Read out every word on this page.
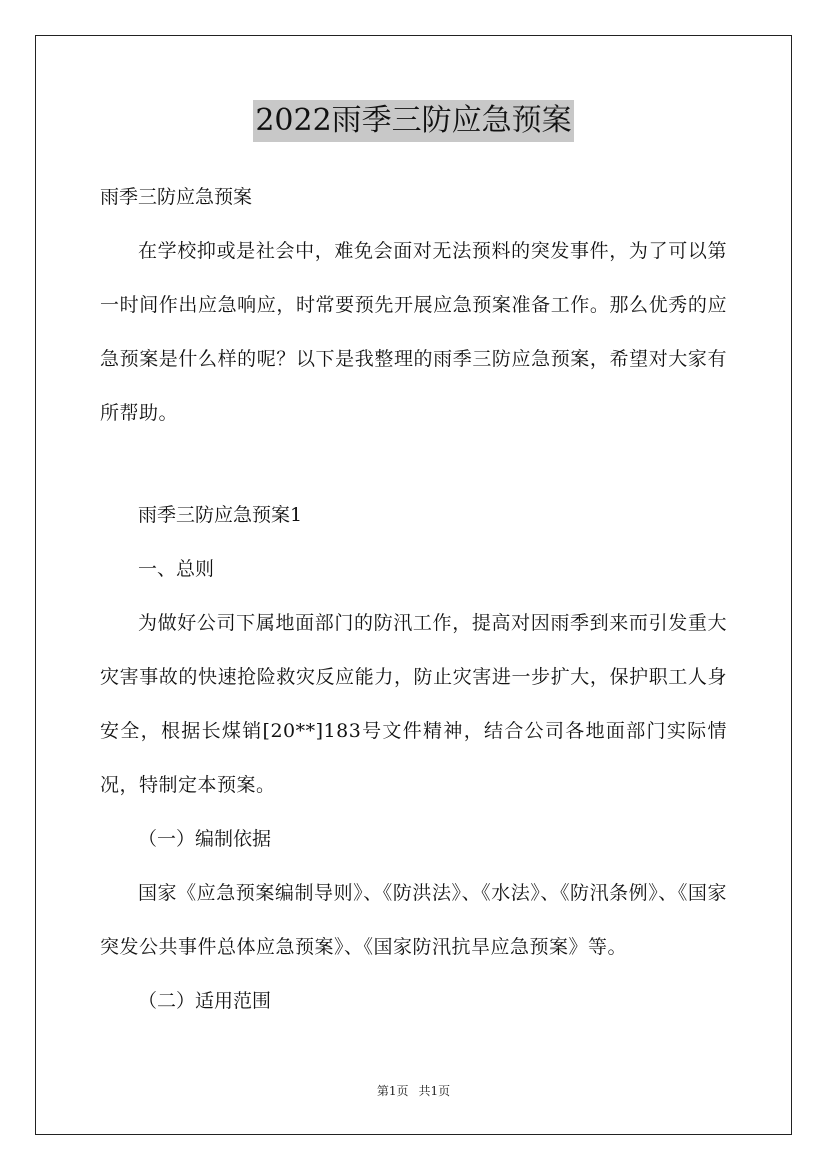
2022雨季三防应急预案

雨季三防应急预案

在学校抑或是社会中，难免会面对无法预料的突发事件，为了可以第一时间作出应急响应，时常要预先开展应急预案准备工作。那么优秀的应急预案是什么样的呢？以下是我整理的雨季三防应急预案，希望对大家有所帮助。

雨季三防应急预案1

一、总则

为做好公司下属地面部门的防汛工作，提高对因雨季到来而引发重大灾害事故的快速抢险救灾反应能力，防止灾害进一步扩大，保护职工人身安全，根据长煤销[20**]183号文件精神，结合公司各地面部门实际情况，特制定本预案。

（一）编制依据

国家《应急预案编制导则》、《防洪法》、《水法》、《防汛条例》、《国家突发公共事件总体应急预案》、《国家防汛抗旱应急预案》等。

（二）适用范围

第1页 共1页
